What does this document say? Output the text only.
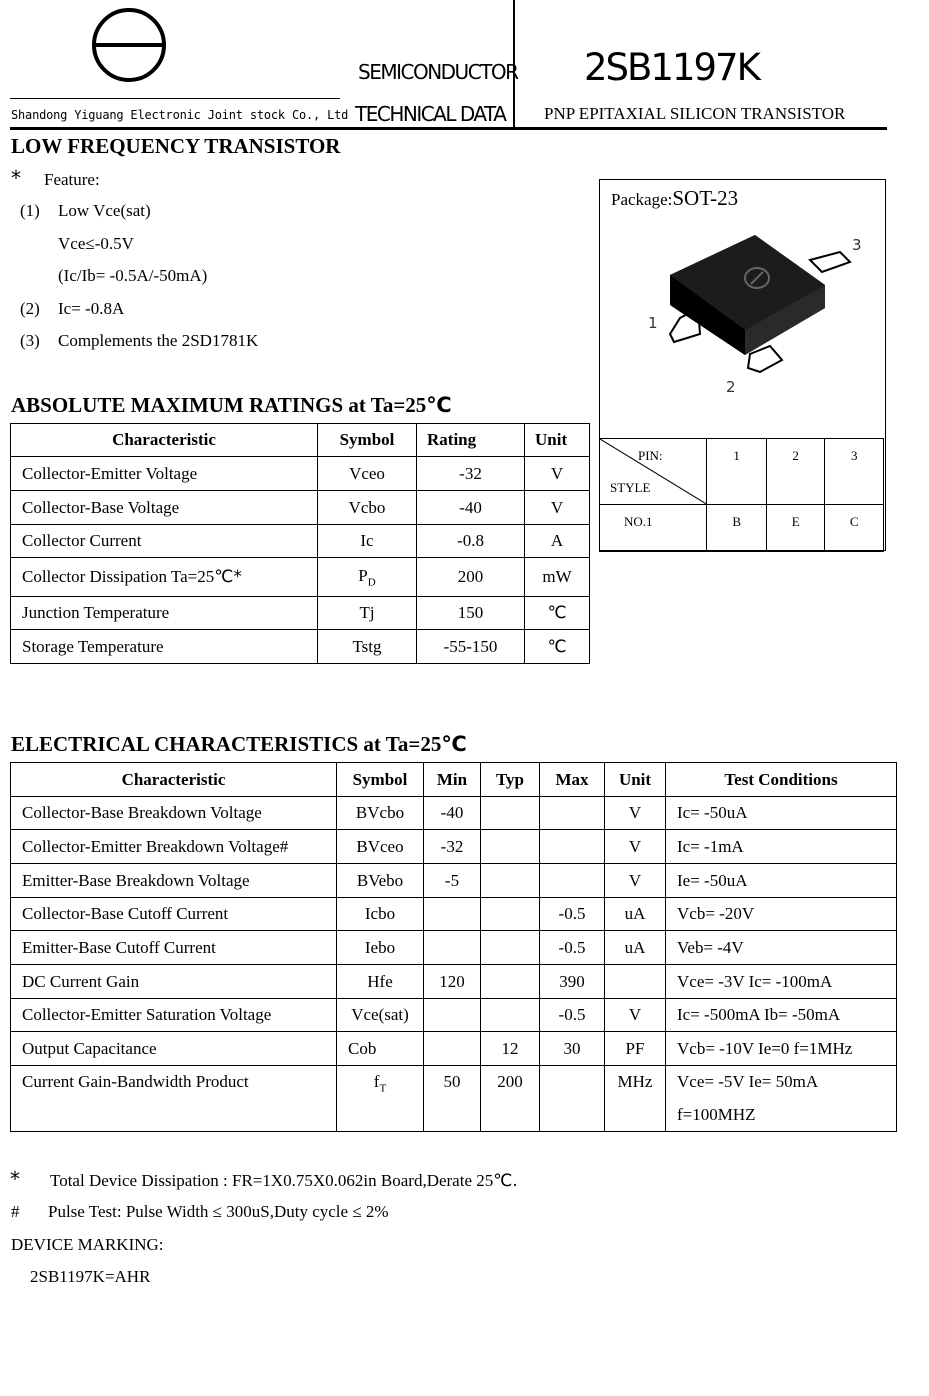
SEMICONDUCTOR
TECHNICAL DATA
Shandong Yiguang Electronic Joint stock Co., Ltd
2SB1197K
PNP EPITAXIAL SILICON TRANSISTOR
LOW FREQUENCY TRANSISTOR
* Feature:
(1) Low Vce(sat)
Vce≤-0.5V
(Ic/Ib= -0.5A/-50mA)
(2) Ic= -0.8A
(3) Complements the 2SD1781K
Package:SOT-23
3
1
2
PIN:
STYLE	1	2	3
NO.1	B	E	C
ABSOLUTE MAXIMUM RATINGS at Ta=25℃
Characteristic	Symbol	Rating	Unit
Collector-Emitter Voltage	Vceo	-32	V
Collector-Base Voltage	Vcbo	-40	V
Collector Current	Ic	-0.8	A
Collector Dissipation Ta=25℃*	$P_D$	200	mW
Junction Temperature	Tj	150	℃
Storage Temperature	Tstg	-55-150	℃
ELECTRICAL CHARACTERISTICS at Ta=25℃
Characteristic	Symbol	Min	Typ	Max	Unit	Test Conditions
Collector-Base Breakdown Voltage	BVcbo	-40			V	Ic= -50uA
Collector-Emitter Breakdown Voltage#	BVceo	-32			V	Ic= -1mA
Emitter-Base Breakdown Voltage	BVebo	-5			V	Ie= -50uA
Collector-Base Cutoff Current	Icbo			-0.5	uA	Vcb= -20V
Emitter-Base Cutoff Current	Iebo			-0.5	uA	Veb= -4V
DC Current Gain	Hfe	120		390		Vce= -3V Ic= -100mA
Collector-Emitter Saturation Voltage	Vce(sat)			-0.5	V	Ic= -500mA Ib= -50mA
Output Capacitance	Cob		12	30	PF	Vcb= -10V Ie=0 f=1MHz
Current Gain-Bandwidth Product	$f_T$	50	200		MHz	Vce= -5V Ie= 50mA
f=100MHZ
* Total Device Dissipation : FR=1X0.75X0.062in Board,Derate 25℃.
# Pulse Test: Pulse Width ≤ 300uS,Duty cycle ≤ 2%
DEVICE MARKING:
2SB1197K=AHR
